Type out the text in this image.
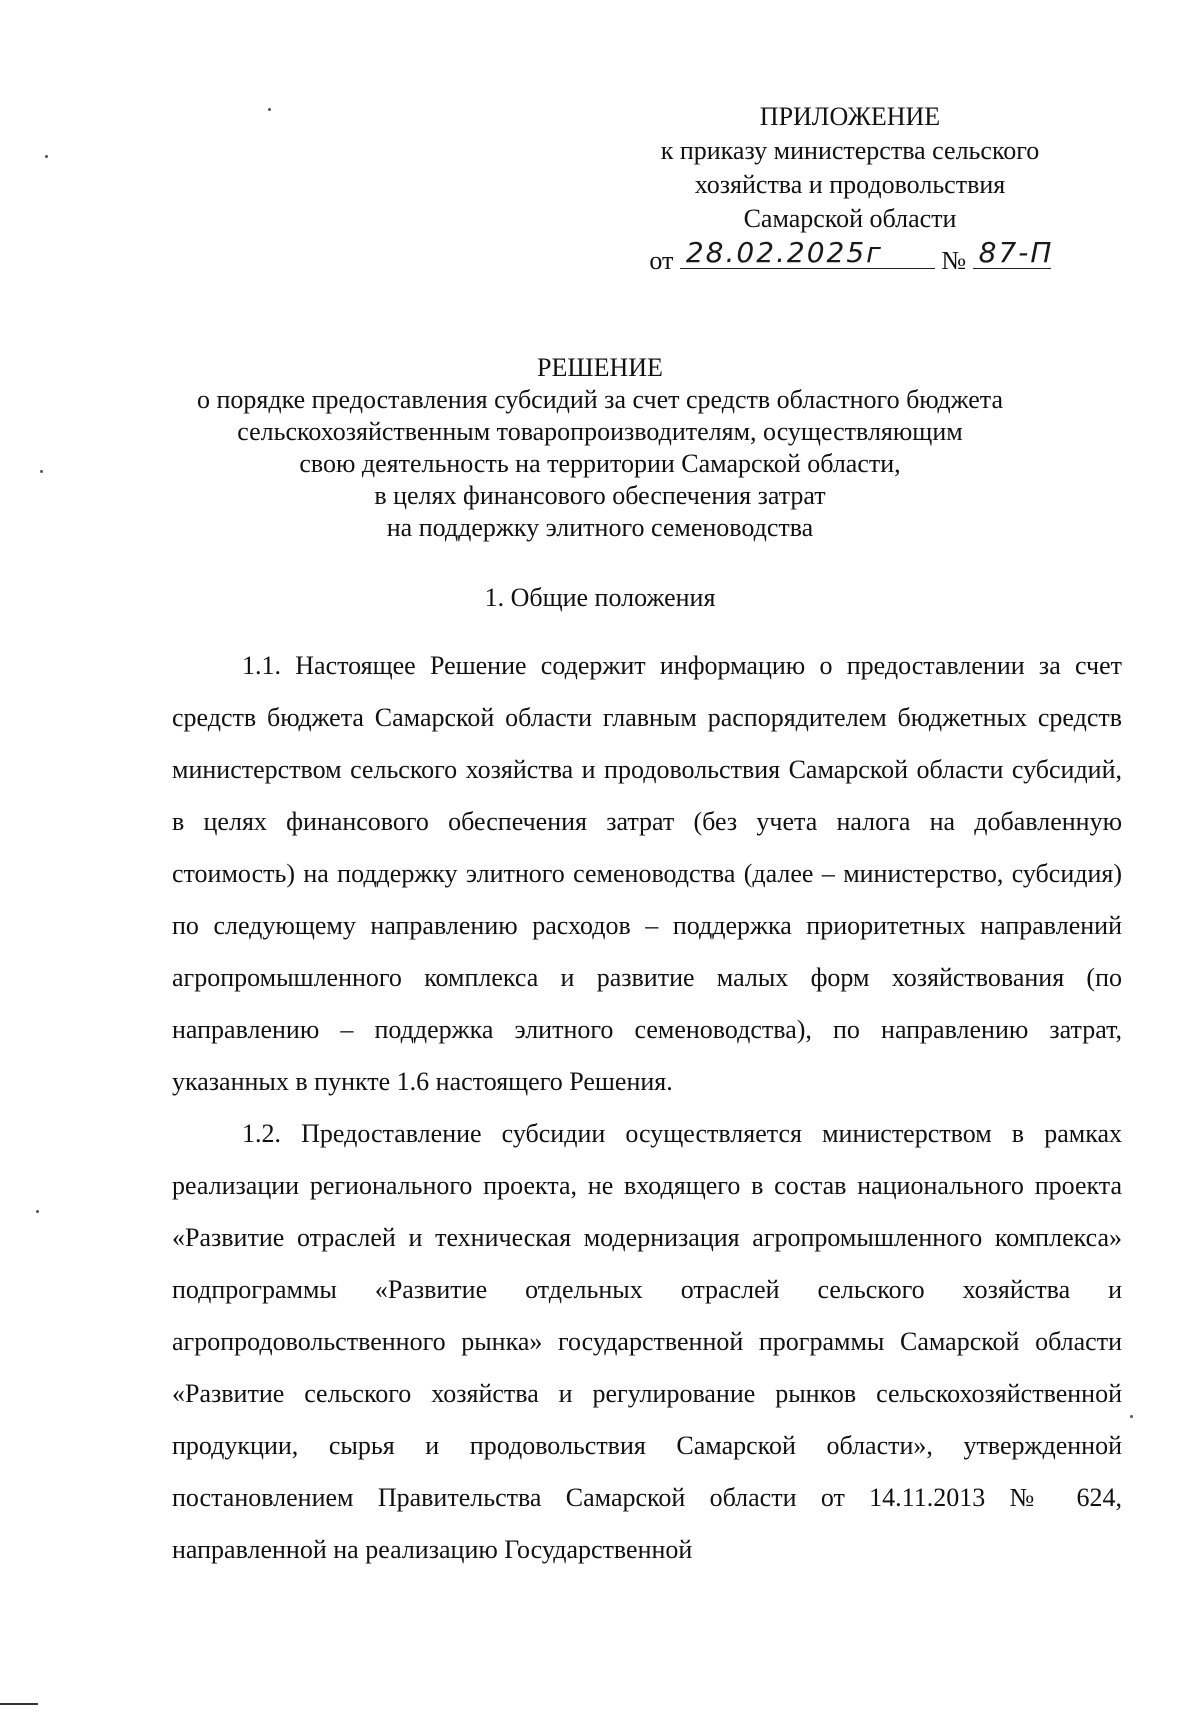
ПРИЛОЖЕНИЕ
к приказу министерства сельского
хозяйства и продовольствия
Самарской области
от 28.02.2025г № 87-П
РЕШЕНИЕ
о порядке предоставления субсидий за счет средств областного бюджета
сельскохозяйственным товаропроизводителям, осуществляющим
свою деятельность на территории Самарской области,
в целях финансового обеспечения затрат
на поддержку элитного семеноводства
1. Общие положения

1.1. Настоящее Решение содержит информацию о предоставлении за счет средств бюджета Самарской области главным распорядителем бюджетных средств министерством сельского хозяйства и продовольствия Самарской области субсидий, в целях финансового обеспечения затрат (без учета налога на добавленную стоимость) на поддержку элитного семеноводства (далее – министерство, субсидия) по следующему направлению расходов – поддержка приоритетных направлений агропромышленного комплекса и развитие малых форм хозяйствования (по направлению – поддержка элитного семеноводства), по направлению затрат, указанных в пункте 1.6 настоящего Решения.

1.2. Предоставление субсидии осуществляется министерством в рамках реализации регионального проекта, не входящего в состав национального проекта «Развитие отраслей и техническая модернизация агропромышленного комплекса» подпрограммы «Развитие отдельных отраслей сельского хозяйства и агропродовольственного рынка» государственной программы Самарской области «Развитие сельского хозяйства и регулирование рынков сельскохозяйственной продукции, сырья и продовольствия Самарской области», утвержденной постановлением Правительства Самарской области от 14.11.2013 № 624, направленной на реализацию Государственной
